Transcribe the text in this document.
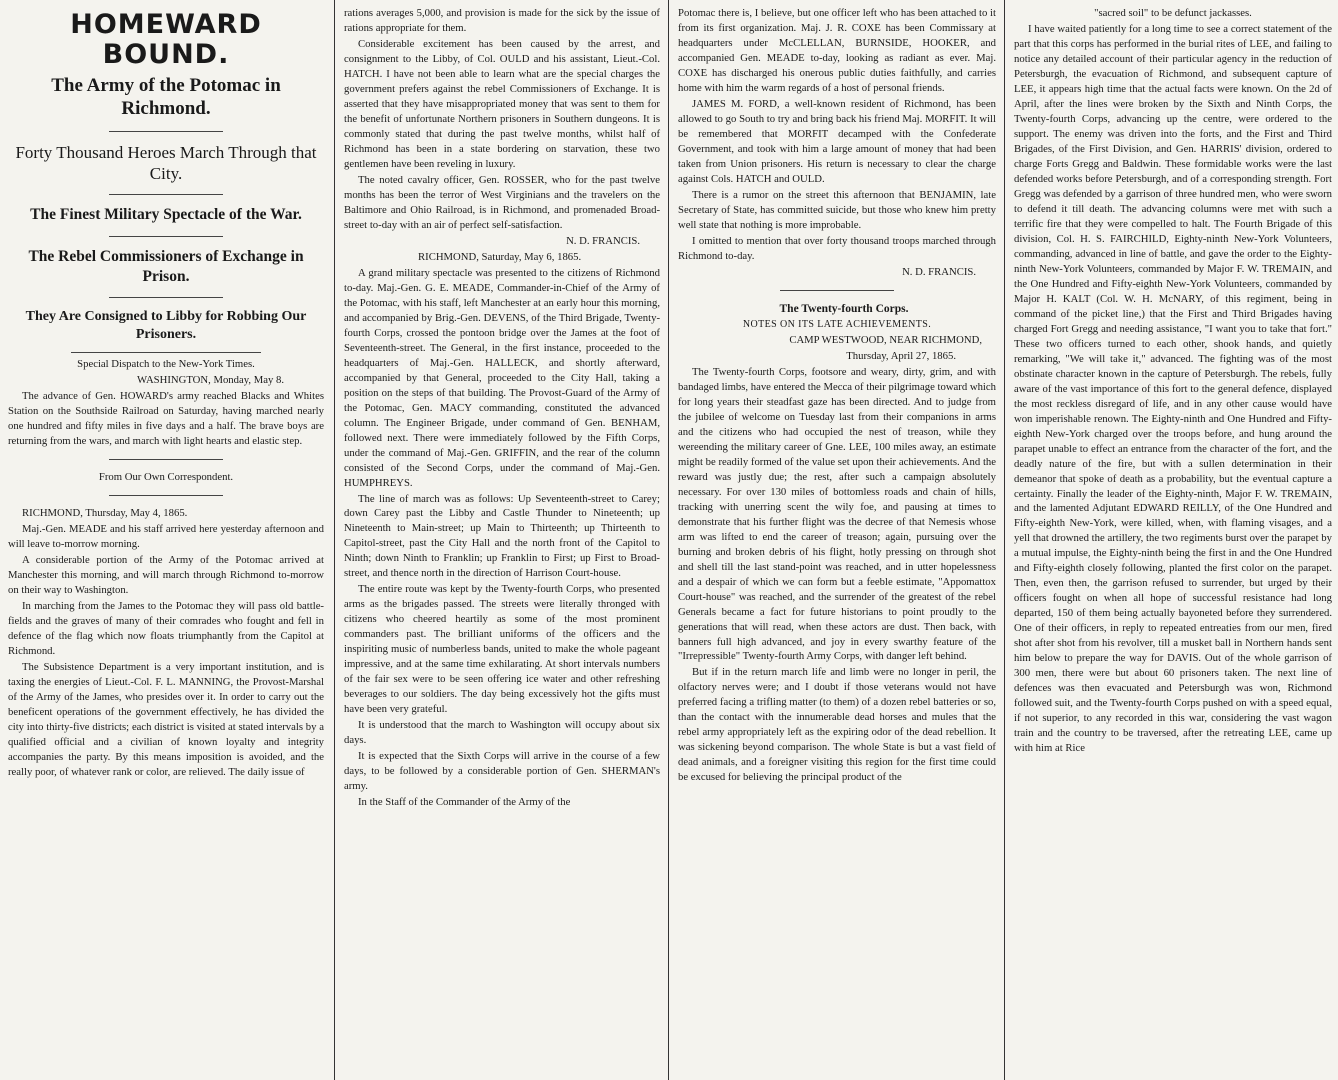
HOMEWARD BOUND.
The Army of the Potomac in Richmond.
Forty Thousand Heroes March Through that City.
The Finest Military Spectacle of the War.
The Rebel Commissioners of Exchange in Prison.
They Are Consigned to Libby for Robbing Our Prisoners.

Special Dispatch to the New-York Times.

WASHINGTON, Monday, May 8.

The advance of Gen. HOWARD's army reached Blacks and Whites Station on the Southside Railroad on Saturday, having marched nearly one hundred and fifty miles in five days and a half. The brave boys are returning from the wars, and march with light hearts and elastic step.

From Our Own Correspondent.

RICHMOND, Thursday, May 4, 1865.

Maj.-Gen. MEADE and his staff arrived here yesterday afternoon and will leave to-morrow morning.

A considerable portion of the Army of the Potomac arrived at Manchester this morning, and will march through Richmond to-morrow on their way to Washington.

In marching from the James to the Potomac they will pass old battle-fields and the graves of many of their comrades who fought and fell in defence of the flag which now floats triumphantly from the Capitol at Richmond.

The Subsistence Department is a very important institution, and is taxing the energies of Lieut.-Col. F. L. MANNING, the Provost-Marshal of the Army of the James, who presides over it. In order to carry out the beneficent operations of the government effectively, he has divided the city into thirty-five districts; each district is visited at stated intervals by a qualified official and a civilian of known loyalty and integrity accompanies the party. By this means imposition is avoided, and the really poor, of whatever rank or color, are relieved. The daily issue of

rations averages 5,000, and provision is made for the sick by the issue of rations appropriate for them.

Considerable excitement has been caused by the arrest, and consignment to the Libby, of Col. OULD and his assistant, Lieut.-Col. HATCH. I have not been able to learn what are the special charges the government prefers against the rebel Commissioners of Exchange. It is asserted that they have misappropriated money that was sent to them for the benefit of unfortunate Northern prisoners in Southern dungeons. It is commonly stated that during the past twelve months, whilst half of Richmond has been in a state bordering on starvation, these two gentlemen have been reveling in luxury.

The noted cavalry officer, Gen. ROSSER, who for the past twelve months has been the terror of West Virginians and the travelers on the Baltimore and Ohio Railroad, is in Richmond, and promenaded Broad-street to-day with an air of perfect self-satisfaction.

N. D. FRANCIS.

RICHMOND, Saturday, May 6, 1865.

A grand military spectacle was presented to the citizens of Richmond to-day. Maj.-Gen. G. E. MEADE, Commander-in-Chief of the Army of the Potomac, with his staff, left Manchester at an early hour this morning, and accompanied by Brig.-Gen. DEVENS, of the Third Brigade, Twenty-fourth Corps, crossed the pontoon bridge over the James at the foot of Seventeenth-street. The General, in the first instance, proceeded to the headquarters of Maj.-Gen. HALLECK, and shortly afterward, accompanied by that General, proceeded to the City Hall, taking a position on the steps of that building. The Provost-Guard of the Army of the Potomac, Gen. MACY commanding, constituted the advanced column. The Engineer Brigade, under command of Gen. BENHAM, followed next. There were immediately followed by the Fifth Corps, under the command of Maj.-Gen. GRIFFIN, and the rear of the column consisted of the Second Corps, under the command of Maj.-Gen. HUMPHREYS.

The line of march was as follows: Up Seventeenth-street to Carey; down Carey past the Libby and Castle Thunder to Nineteenth; up Nineteenth to Main-street; up Main to Thirteenth; up Thirteenth to Capitol-street, past the City Hall and the north front of the Capitol to Ninth; down Ninth to Franklin; up Franklin to First; up First to Broad-street, and thence north in the direction of Harrison Court-house.

The entire route was kept by the Twenty-fourth Corps, who presented arms as the brigades passed. The streets were literally thronged with citizens who cheered heartily as some of the most prominent commanders past. The brilliant uniforms of the officers and the inspiriting music of numberless bands, united to make the whole pageant impressive, and at the same time exhilarating. At short intervals numbers of the fair sex were to be seen offering ice water and other refreshing beverages to our soldiers. The day being excessively hot the gifts must have been very grateful.

It is understood that the march to Washington will occupy about six days.

It is expected that the Sixth Corps will arrive in the course of a few days, to be followed by a considerable portion of Gen. SHERMAN's army.

In the Staff of the Commander of the Army of the

Potomac there is, I believe, but one officer left who has been attached to it from its first organization. Maj. J. R. COXE has been Commissary at headquarters under McCLELLAN, BURNSIDE, HOOKER, and accompanied Gen. MEADE to-day, looking as radiant as ever. Maj. COXE has discharged his onerous public duties faithfully, and carries home with him the warm regards of a host of personal friends.

JAMES M. FORD, a well-known resident of Richmond, has been allowed to go South to try and bring back his friend Maj. MORFIT. It will be remembered that MORFIT decamped with the Confederate Government, and took with him a large amount of money that had been taken from Union prisoners. His return is necessary to clear the charge against Cols. HATCH and OULD.

There is a rumor on the street this afternoon that BENJAMIN, late Secretary of State, has committed suicide, but those who knew him pretty well state that nothing is more improbable.

I omitted to mention that over forty thousand troops marched through Richmond to-day.

N. D. FRANCIS.

The Twenty-fourth Corps.

NOTES ON ITS LATE ACHIEVEMENTS.

CAMP WESTWOOD, NEAR RICHMOND,

Thursday, April 27, 1865.

The Twenty-fourth Corps, footsore and weary, dirty, grim, and with bandaged limbs, have entered the Mecca of their pilgrimage toward which for long years their steadfast gaze has been directed. And to judge from the jubilee of welcome on Tuesday last from their companions in arms and the citizens who had occupied the nest of treason, while they wereending the military career of Gne. LEE, 100 miles away, an estimate might be readily formed of the value set upon their achievements. And the reward was justly due; the rest, after such a campaign absolutely necessary. For over 130 miles of bottomless roads and chain of hills, tracking with unerring scent the wily foe, and pausing at times to demonstrate that his further flight was the decree of that Nemesis whose arm was lifted to end the career of treason; again, pursuing over the burning and broken debris of his flight, hotly pressing on through shot and shell till the last stand-point was reached, and in utter hopelessness and a despair of which we can form but a feeble estimate, "Appomattox Court-house" was reached, and the surrender of the greatest of the rebel Generals became a fact for future historians to point proudly to the generations that will read, when these actors are dust. Then back, with banners full high advanced, and joy in every swarthy feature of the "Irrepressible" Twenty-fourth Army Corps, with danger left behind.

But if in the return march life and limb were no longer in peril, the olfactory nerves were; and I doubt if those veterans would not have preferred facing a trifling matter (to them) of a dozen rebel batteries or so, than the contact with the innumerable dead horses and mules that the rebel army appropriately left as the expiring odor of the dead rebellion. It was sickening beyond comparison. The whole State is but a vast field of dead animals, and a foreigner visiting this region for the first time could be excused for believing the principal product of the

"sacred soil" to be defunct jackasses.

I have waited patiently for a long time to see a correct statement of the part that this corps has performed in the burial rites of LEE, and failing to notice any detailed account of their particular agency in the reduction of Petersburgh, the evacuation of Richmond, and subsequent capture of LEE, it appears high time that the actual facts were known. On the 2d of April, after the lines were broken by the Sixth and Ninth Corps, the Twenty-fourth Corps, advancing up the centre, were ordered to the support. The enemy was driven into the forts, and the First and Third Brigades, of the First Division, and Gen. HARRIS' division, ordered to charge Forts Gregg and Baldwin. These formidable works were the last defended works before Petersburgh, and of a corresponding strength. Fort Gregg was defended by a garrison of three hundred men, who were sworn to defend it till death. The advancing columns were met with such a terrific fire that they were compelled to halt. The Fourth Brigade of this division, Col. H. S. FAIRCHILD, Eighty-ninth New-York Volunteers, commanding, advanced in line of battle, and gave the order to the Eighty-ninth New-York Volunteers, commanded by Major F. W. TREMAIN, and the One Hundred and Fifty-eighth New-York Volunteers, commanded by Major H. KALT (Col. W. H. McNARY, of this regiment, being in command of the picket line,) that the First and Third Brigades having charged Fort Gregg and needing assistance, "I want you to take that fort." These two officers turned to each other, shook hands, and quietly remarking, "We will take it," advanced. The fighting was of the most obstinate character known in the capture of Petersburgh. The rebels, fully aware of the vast importance of this fort to the general defence, displayed the most reckless disregard of life, and in any other cause would have won imperishable renown. The Eighty-ninth and One Hundred and Fifty-eighth New-York charged over the troops before, and hung around the parapet unable to effect an entrance from the character of the fort, and the deadly nature of the fire, but with a sullen determination in their demeanor that spoke of death as a probability, but the eventual capture a certainty. Finally the leader of the Eighty-ninth, Major F. W. TREMAIN, and the lamented Adjutant EDWARD REILLY, of the One Hundred and Fifty-eighth New-York, were killed, when, with flaming visages, and a yell that drowned the artillery, the two regiments burst over the parapet by a mutual impulse, the Eighty-ninth being the first in and the One Hundred and Fifty-eighth closely following, planted the first color on the parapet. Then, even then, the garrison refused to surrender, but urged by their officers fought on when all hope of successful resistance had long departed, 150 of them being actually bayoneted before they surrendered. One of their officers, in reply to repeated entreaties from our men, fired shot after shot from his revolver, till a musket ball in Northern hands sent him below to prepare the way for DAVIS. Out of the whole garrison of 300 men, there were but about 60 prisoners taken. The next line of defences was then evacuated and Petersburgh was won, Richmond followed suit, and the Twenty-fourth Corps pushed on with a speed equal, if not superior, to any recorded in this war, considering the vast wagon train and the country to be traversed, after the retreating LEE, came up with him at Rice
